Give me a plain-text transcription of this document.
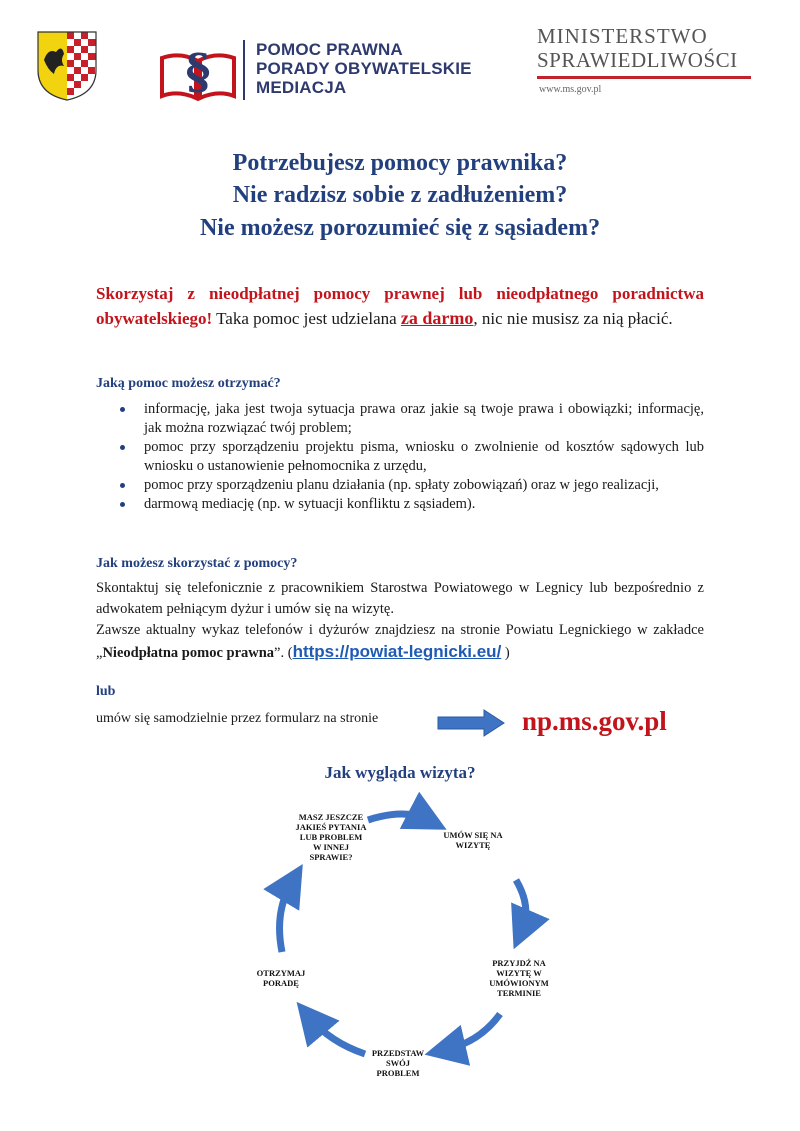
§	POMOC PRAWNA
PORADY OBYWATELSKIE
MEDIACJA
MINISTERSTWO
SPRAWIEDLIWOŚCI
www.ms.gov.pl
Potrzebujesz pomocy prawnika?
Nie radzisz sobie z zadłużeniem?
Nie możesz porozumieć się z sąsiadem?
Skorzystaj z nieodpłatnej pomocy prawnej lub nieodpłatnego poradnictwa obywatelskiego! Taka pomoc jest udzielana za darmo, nic nie musisz za nią płacić.
Jaką pomoc możesz otrzymać?
informację, jaka jest twoja sytuacja prawa oraz jakie są twoje prawa i obowiązki; informację, jak można rozwiązać twój problem;
pomoc przy sporządzeniu projektu pisma, wniosku o zwolnienie od kosztów sądowych lub wniosku o ustanowienie pełnomocnika z urzędu,
pomoc przy sporządzeniu planu działania (np. spłaty zobowiązań) oraz w jego realizacji,
darmową mediację (np. w sytuacji konfliktu z sąsiadem).
Jak możesz skorzystać z pomocy?

Skontaktuj się telefonicznie z pracownikiem Starostwa Powiatowego w Legnicy lub bezpośrednio z adwokatem pełniącym dyżur i umów się na wizytę.

Zawsze aktualny wykaz telefonów i dyżurów znajdziesz na stronie Powiatu Legnickiego w zakładce „Nieodpłatna pomoc prawna”. (https://powiat-legnicki.eu/ )

lub
umów się samodzielnie przez formularz na stronie	np.ms.gov.pl
Jak wygląda wizyta?
MASZ JESZCZE JAKIEŚ PYTANIA LUB PROBLEM W INNEJ SPRAWIE?
UMÓW SIĘ NA WIZYTĘ
PRZYJDŹ NA WIZYTĘ W UMÓWIONYM TERMINIE
PRZEDSTAW SWÓJ PROBLEM
OTRZYMAJ PORADĘ
